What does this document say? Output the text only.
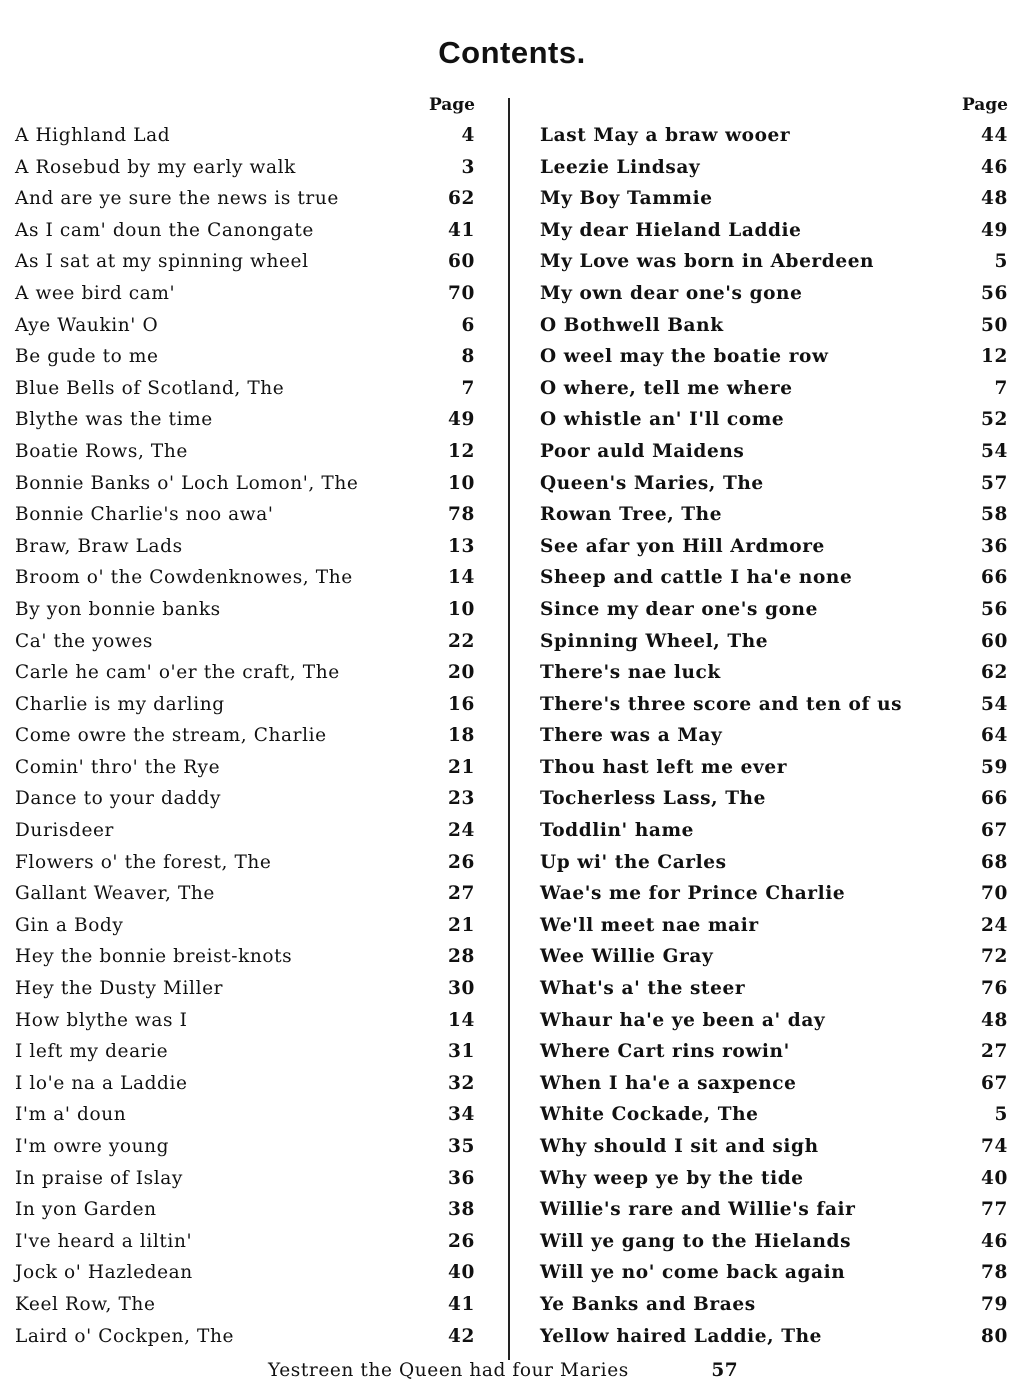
Contents.
Page
A Highland Lad	4
A Rosebud by my early walk	3
And are ye sure the news is true	62
As I cam' doun the Canongate	41
As I sat at my spinning wheel	60
A wee bird cam'	70
Aye Waukin' O	6
Be gude to me	8
Blue Bells of Scotland, The	7
Blythe was the time	49
Boatie Rows, The	12
Bonnie Banks o' Loch Lomon', The	10
Bonnie Charlie's noo awa'	78
Braw, Braw Lads	13
Broom o' the Cowdenknowes, The	14
By yon bonnie banks	10
Ca' the yowes	22
Carle he cam' o'er the craft, The	20
Charlie is my darling	16
Come owre the stream, Charlie	18
Comin' thro' the Rye	21
Dance to your daddy	23
Durisdeer	24
Flowers o' the forest, The	26
Gallant Weaver, The	27
Gin a Body	21
Hey the bonnie breist-knots	28
Hey the Dusty Miller	30
How blythe was I	14
I left my dearie	31
I lo'e na a Laddie	32
I'm a' doun	34
I'm owre young	35
In praise of Islay	36
In yon Garden	38
I've heard a liltin'	26
Jock o' Hazledean	40
Keel Row, The	41
Laird o' Cockpen, The	42
Page
Last May a braw wooer	44
Leezie Lindsay	46
My Boy Tammie	48
My dear Hieland Laddie	49
My Love was born in Aberdeen	5
My own dear one's gone	56
O Bothwell Bank	50
O weel may the boatie row	12
O where, tell me where	7
O whistle an' I'll come	52
Poor auld Maidens	54
Queen's Maries, The	57
Rowan Tree, The	58
See afar yon Hill Ardmore	36
Sheep and cattle I ha'e none	66
Since my dear one's gone	56
Spinning Wheel, The	60
There's nae luck	62
There's three score and ten of us	54
There was a May	64
Thou hast left me ever	59
Tocherless Lass, The	66
Toddlin' hame	67
Up wi' the Carles	68
Wae's me for Prince Charlie	70
We'll meet nae mair	24
Wee Willie Gray	72
What's a' the steer	76
Whaur ha'e ye been a' day	48
Where Cart rins rowin'	27
When I ha'e a saxpence	67
White Cockade, The	5
Why should I sit and sigh	74
Why weep ye by the tide	40
Willie's rare and Willie's fair	77
Will ye gang to the Hielands	46
Will ye no' come back again	78
Ye Banks and Braes	79
Yellow haired Laddie, The	80
Yestreen the Queen had four Maries	57
